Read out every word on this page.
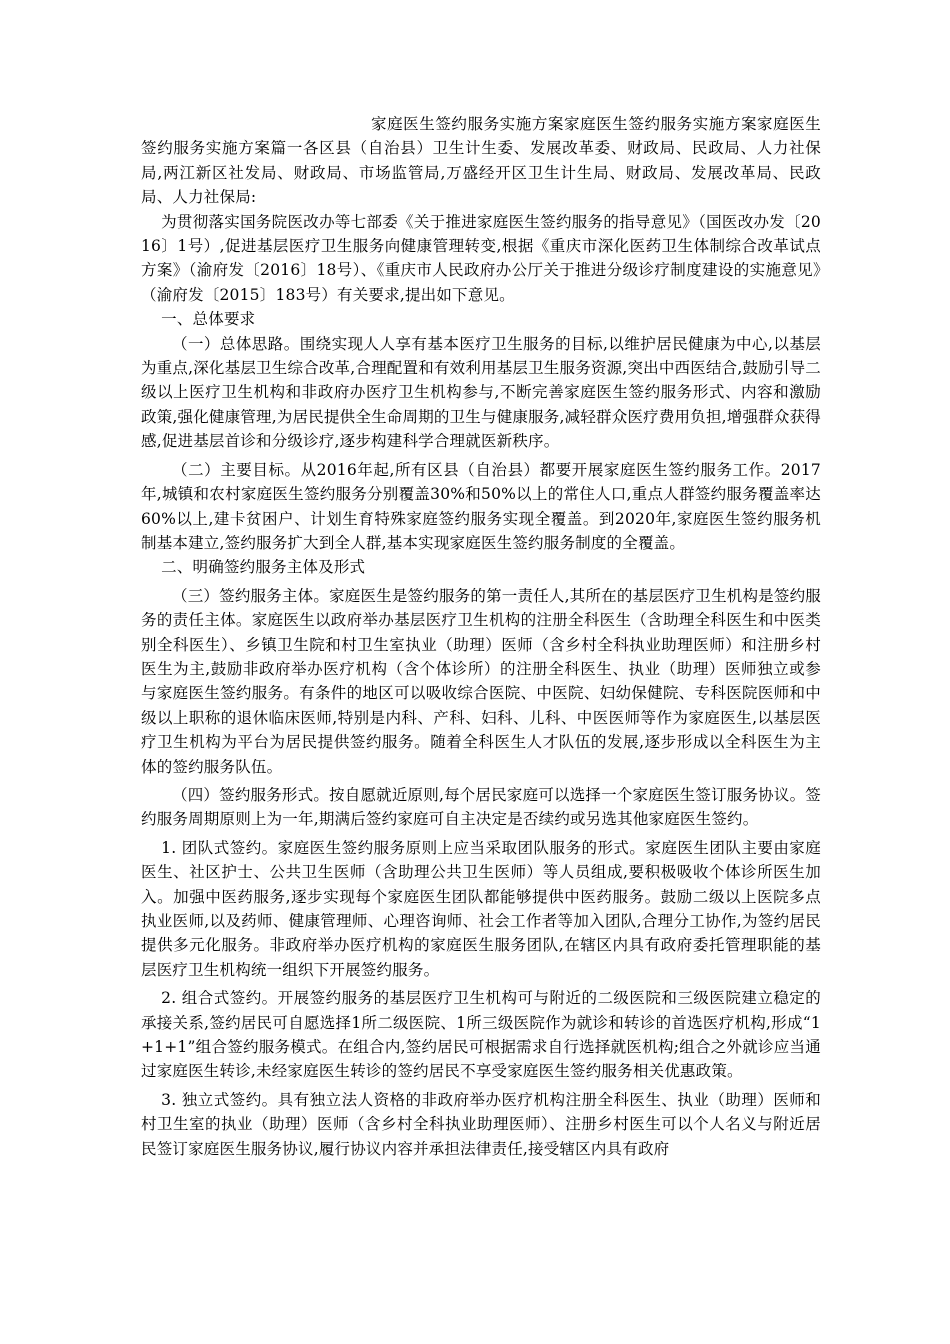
家庭医生签约服务实施方案家庭医生签约服务实施方案家庭医生签约服务实施方案篇一各区县（自治县）卫生计生委、发展改革委、财政局、民政局、人力社保局,两江新区社发局、财政局、市场监管局,万盛经开区卫生计生局、财政局、发展改革局、民政局、人力社保局:

为贯彻落实国务院医改办等七部委《关于推进家庭医生签约服务的指导意见》（国医改办发〔2016〕1号）,促进基层医疗卫生服务向健康管理转变,根据《重庆市深化医药卫生体制综合改革试点方案》（渝府发〔2016〕18号）、《重庆市人民政府办公厅关于推进分级诊疗制度建设的实施意见》（渝府发〔2015〕183号）有关要求,提出如下意见。

一、总体要求

（一）总体思路。围绕实现人人享有基本医疗卫生服务的目标,以维护居民健康为中心,以基层为重点,深化基层卫生综合改革,合理配置和有效利用基层卫生服务资源,突出中西医结合,鼓励引导二级以上医疗卫生机构和非政府办医疗卫生机构参与,不断完善家庭医生签约服务形式、内容和激励政策,强化健康管理,为居民提供全生命周期的卫生与健康服务,减轻群众医疗费用负担,增强群众获得感,促进基层首诊和分级诊疗,逐步构建科学合理就医新秩序。

（二）主要目标。从2016年起,所有区县（自治县）都要开展家庭医生签约服务工作。2017年,城镇和农村家庭医生签约服务分别覆盖30%和50%以上的常住人口,重点人群签约服务覆盖率达60%以上,建卡贫困户、计划生育特殊家庭签约服务实现全覆盖。到2020年,家庭医生签约服务机制基本建立,签约服务扩大到全人群,基本实现家庭医生签约服务制度的全覆盖。

二、明确签约服务主体及形式

（三）签约服务主体。家庭医生是签约服务的第一责任人,其所在的基层医疗卫生机构是签约服务的责任主体。家庭医生以政府举办基层医疗卫生机构的注册全科医生（含助理全科医生和中医类别全科医生）、乡镇卫生院和村卫生室执业（助理）医师（含乡村全科执业助理医师）和注册乡村医生为主,鼓励非政府举办医疗机构（含个体诊所）的注册全科医生、执业（助理）医师独立或参与家庭医生签约服务。有条件的地区可以吸收综合医院、中医院、妇幼保健院、专科医院医师和中级以上职称的退休临床医师,特别是内科、产科、妇科、儿科、中医医师等作为家庭医生,以基层医疗卫生机构为平台为居民提供签约服务。随着全科医生人才队伍的发展,逐步形成以全科医生为主体的签约服务队伍。

（四）签约服务形式。按自愿就近原则,每个居民家庭可以选择一个家庭医生签订服务协议。签约服务周期原则上为一年,期满后签约家庭可自主决定是否续约或另选其他家庭医生签约。

1. 团队式签约。家庭医生签约服务原则上应当采取团队服务的形式。家庭医生团队主要由家庭医生、社区护士、公共卫生医师（含助理公共卫生医师）等人员组成,要积极吸收个体诊所医生加入。加强中医药服务,逐步实现每个家庭医生团队都能够提供中医药服务。鼓励二级以上医院多点执业医师,以及药师、健康管理师、心理咨询师、社会工作者等加入团队,合理分工协作,为签约居民提供多元化服务。非政府举办医疗机构的家庭医生服务团队,在辖区内具有政府委托管理职能的基层医疗卫生机构统一组织下开展签约服务。

2. 组合式签约。开展签约服务的基层医疗卫生机构可与附近的二级医院和三级医院建立稳定的承接关系,签约居民可自愿选择1所二级医院、1所三级医院作为就诊和转诊的首选医疗机构,形成“1+1+1”组合签约服务模式。在组合内,签约居民可根据需求自行选择就医机构;组合之外就诊应当通过家庭医生转诊,未经家庭医生转诊的签约居民不享受家庭医生签约服务相关优惠政策。

3. 独立式签约。具有独立法人资格的非政府举办医疗机构注册全科医生、执业（助理）医师和村卫生室的执业（助理）医师（含乡村全科执业助理医师）、注册乡村医生可以个人名义与附近居民签订家庭医生服务协议,履行协议内容并承担法律责任,接受辖区内具有政府
